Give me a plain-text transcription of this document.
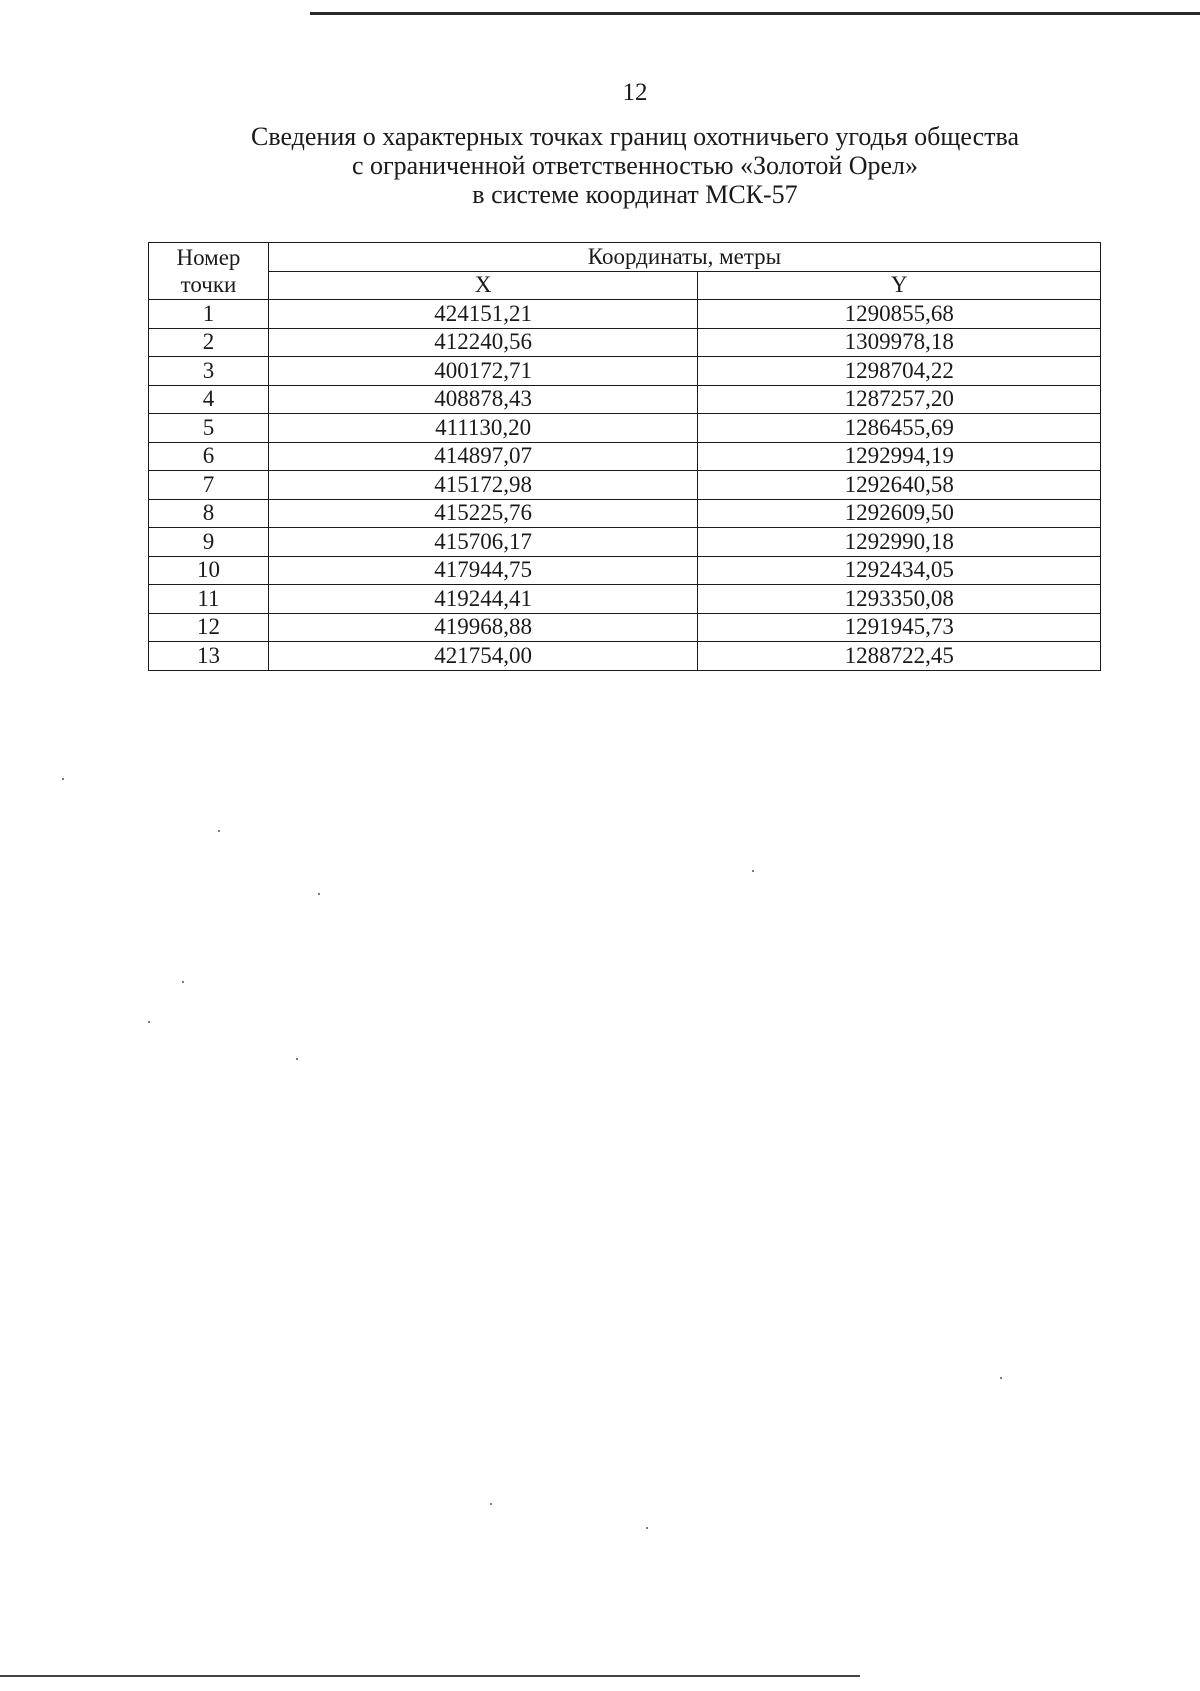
12
Сведения о характерных точках границ охотничьего угодья общества
с ограниченной ответственностью «Золотой Орел»
в системе координат МСК-57
Номер
точки	Координаты, метры	
	X	Y
1	424151,21	1290855,68
2	412240,56	1309978,18
3	400172,71	1298704,22
4	408878,43	1287257,20
5	411130,20	1286455,69
6	414897,07	1292994,19
7	415172,98	1292640,58
8	415225,76	1292609,50
9	415706,17	1292990,18
10	417944,75	1292434,05
11	419244,41	1293350,08
12	419968,88	1291945,73
13	421754,00	1288722,45
